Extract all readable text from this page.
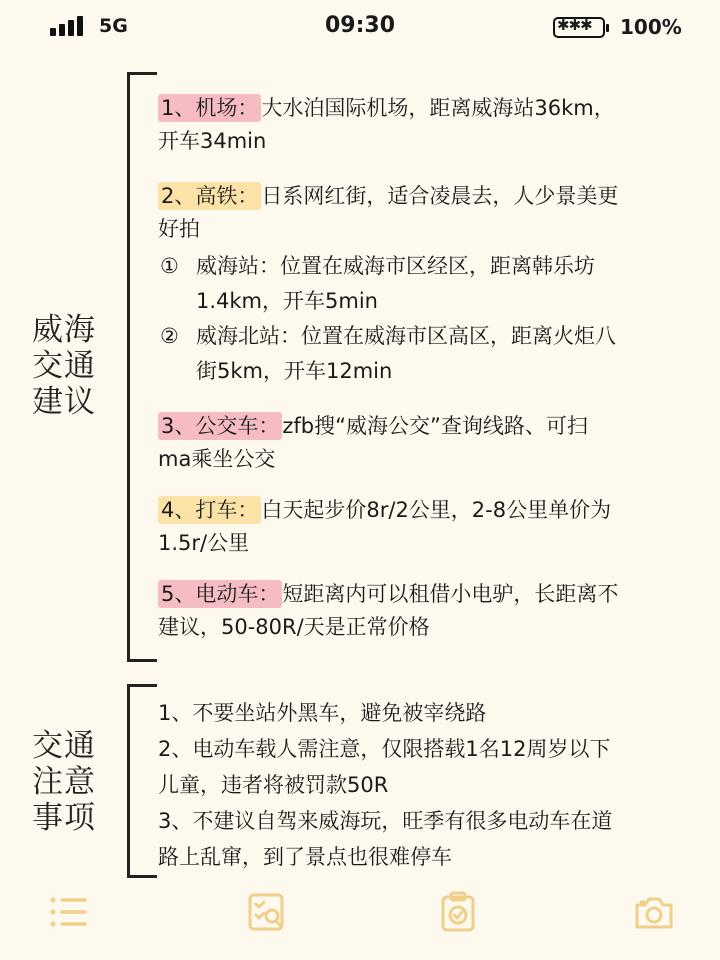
5G	09:30	✱✱✱ 100%
威海
交通
建议
1、机场： 大水泊国际机场，距离威海站36km，
开车34min
2、高铁： 日系网红街，适合凌晨去，人少景美更
好拍
① 威海站：位置在威海市区经区，距离韩乐坊
1.4km，开车5min
② 威海北站：位置在威海市区高区，距离火炬八
街5km，开车12min
3、公交车： zfb搜“威海公交”查询线路、可扫
ma乘坐公交
4、打车： 白天起步价8r/2公里，2-8公里单价为
1.5r/公里
5、电动车： 短距离内可以租借小电驴，长距离不
建议，50-80R/天是正常价格
交通
注意
事项
1、不要坐站外黑车，避免被宰绕路
2、电动车载人需注意，仅限搭载1名12周岁以下
儿童，违者将被罚款50R
3、不建议自驾来威海玩，旺季有很多电动车在道
路上乱窜，到了景点也很难停车
